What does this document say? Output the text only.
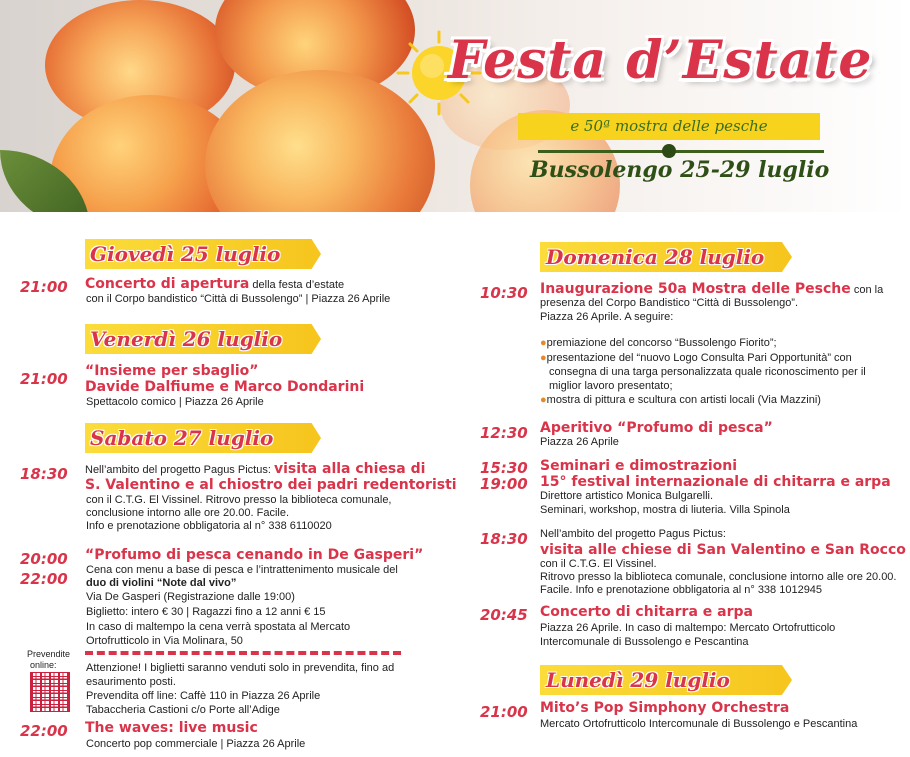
Festa d’Estate
e 50ª mostra delle pesche
Bussolengo 25-29 luglio
Giovedì 25 luglio
21:00 Concerto di apertura della festa d’estate
con il Corpo bandistico “Città di Bussolengo” | Piazza 26 Aprile
Venerdì 26 luglio
21:00 “Insieme per sbaglio”
Davide Dalfiume e Marco Dondarini
Spettacolo comico | Piazza 26 Aprile
Sabato 27 luglio
18:30 Nell’ambito del progetto Pagus Pictus: visita alla chiesa di
S. Valentino e al chiostro dei padri redentoristi
con il C.T.G. El Vissinel. Ritrovo presso la biblioteca comunale,
conclusione intorno alle ore 20.00. Facile.
Info e prenotazione obbligatoria al n° 338 6110020
20:00
22:00
“Profumo di pesca cenando in De Gasperi”
Cena con menu a base di pesca e l’intrattenimento musicale del
duo di violini “Note dal vivo”
Via De Gasperi (Registrazione dalle 19:00)
Biglietto: intero € 30 | Ragazzi fino a 12 anni € 15
In caso di maltempo la cena verrà spostata al Mercato
Ortofrutticolo in Via Molinara, 50
Prevendite
online:	Attenzione! I biglietti saranno venduti solo in prevendita, fino ad
esaurimento posti.
Prevendita off line: Caffè 110 in Piazza 26 Aprile
Tabaccheria Castioni c/o Porte all’Adige
22:00 The waves: live music
Concerto pop commerciale | Piazza 26 Aprile
Domenica 28 luglio
10:30 Inaugurazione 50a Mostra delle Pesche con la
presenza del Corpo Bandistico “Città di Bussolengo”.
Piazza 26 Aprile. A seguire:
●premiazione del concorso “Bussolengo Fiorito”;
●presentazione del “nuovo Logo Consulta Pari Opportunità” con
consegna di una targa personalizzata quale riconoscimento per il
miglior lavoro presentato;
●mostra di pittura e scultura con artisti locali (Via Mazzini)
12:30 Aperitivo “Profumo di pesca”
Piazza 26 Aprile
15:30
19:00
Seminari e dimostrazioni
15° festival internazionale di chitarra e arpa
Direttore artistico Monica Bulgarelli.
Seminari, workshop, mostra di liuteria. Villa Spinola
18:30 Nell’ambito del progetto Pagus Pictus:
visita alle chiese di San Valentino e San Rocco
con il C.T.G. El Vissinel.
Ritrovo presso la biblioteca comunale, conclusione intorno alle ore 20.00.
Facile. Info e prenotazione obbligatoria al n° 338 1012945
20:45 Concerto di chitarra e arpa
Piazza 26 Aprile. In caso di maltempo: Mercato Ortofrutticolo
Intercomunale di Bussolengo e Pescantina
Lunedì 29 luglio
21:00 Mito’s Pop Simphony Orchestra
Mercato Ortofrutticolo Intercomunale di Bussolengo e Pescantina
